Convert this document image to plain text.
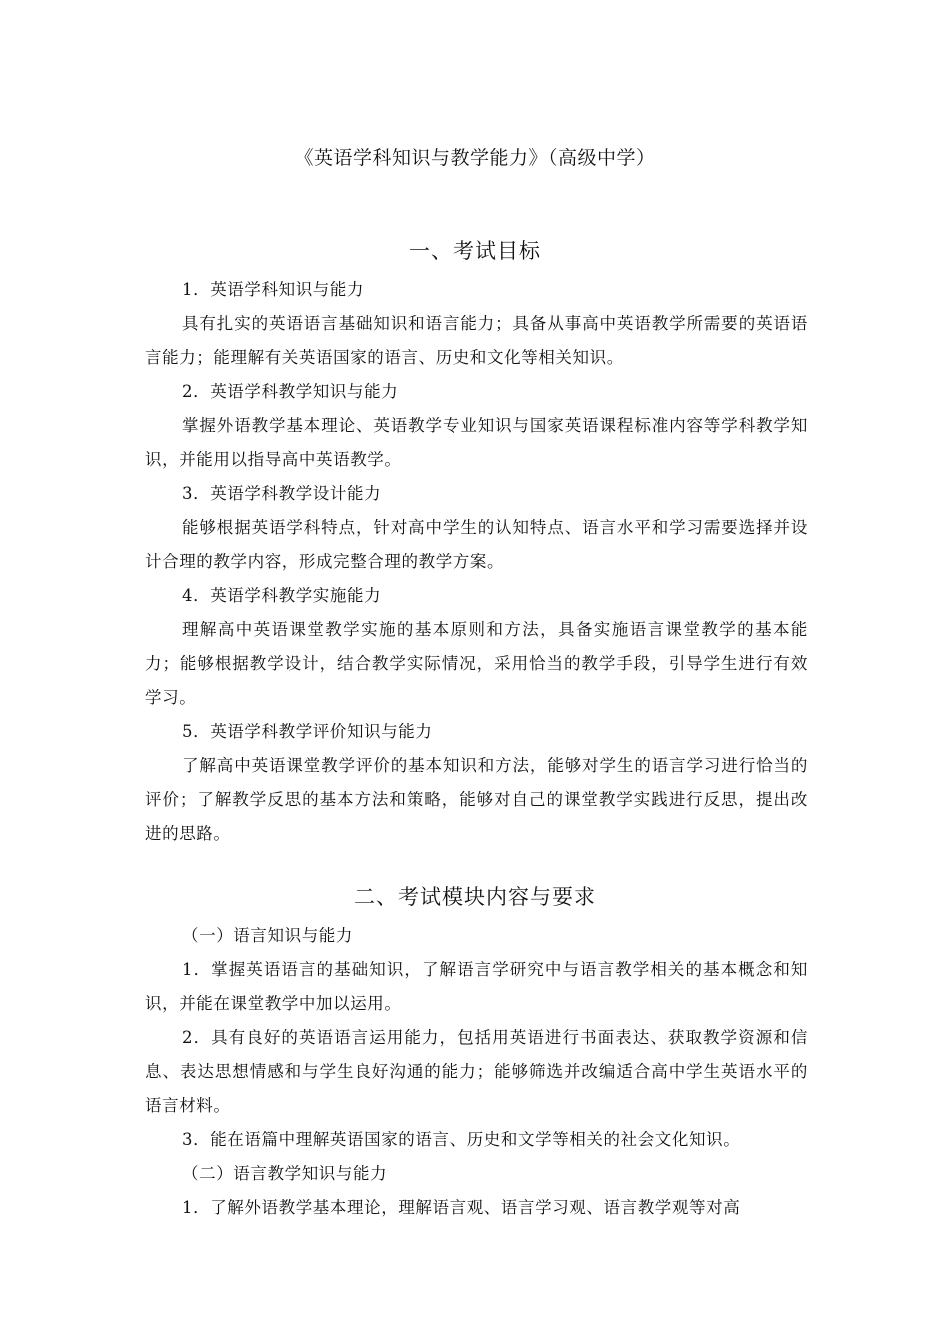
《英语学科知识与教学能力》（高级中学）
一、考试目标

1．英语学科知识与能力

具有扎实的英语语言基础知识和语言能力；具备从事高中英语教学所需要的英语语言能力；能理解有关英语国家的语言、历史和文化等相关知识。

2．英语学科教学知识与能力

掌握外语教学基本理论、英语教学专业知识与国家英语课程标准内容等学科教学知识，并能用以指导高中英语教学。

3．英语学科教学设计能力

能够根据英语学科特点，针对高中学生的认知特点、语言水平和学习需要选择并设计合理的教学内容，形成完整合理的教学方案。

4．英语学科教学实施能力

理解高中英语课堂教学实施的基本原则和方法，具备实施语言课堂教学的基本能力；能够根据教学设计，结合教学实际情况，采用恰当的教学手段，引导学生进行有效学习。

5．英语学科教学评价知识与能力

了解高中英语课堂教学评价的基本知识和方法，能够对学生的语言学习进行恰当的评价；了解教学反思的基本方法和策略，能够对自己的课堂教学实践进行反思，提出改进的思路。

二、考试模块内容与要求

（一）语言知识与能力

1．掌握英语语言的基础知识，了解语言学研究中与语言教学相关的基本概念和知识，并能在课堂教学中加以运用。

2．具有良好的英语语言运用能力，包括用英语进行书面表达、获取教学资源和信息、表达思想情感和与学生良好沟通的能力；能够筛选并改编适合高中学生英语水平的语言材料。

3．能在语篇中理解英语国家的语言、历史和文学等相关的社会文化知识。

（二）语言教学知识与能力

1．了解外语教学基本理论，理解语言观、语言学习观、语言教学观等对高
